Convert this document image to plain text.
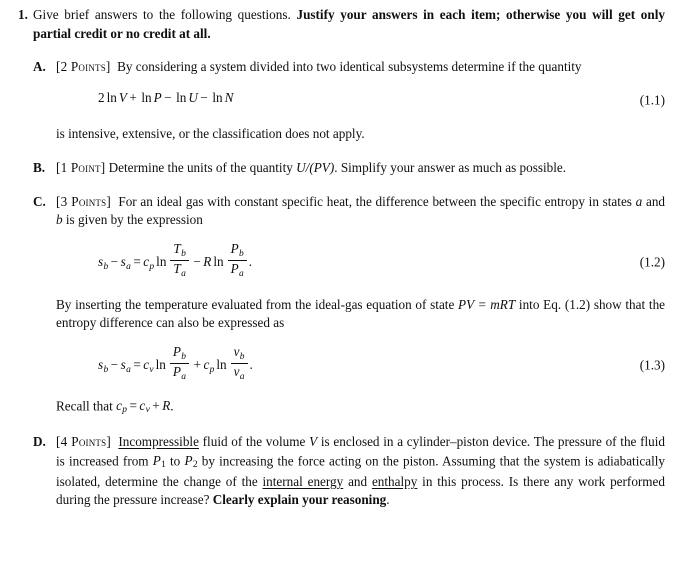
1. Give brief answers to the following questions. Justify your answers in each item; otherwise you will get only partial credit or no credit at all.
A. [2 Points] By considering a system divided into two identical subsystems determine if the quantity
2 ln V + ln P − ln U − ln N	(1.1)
is intensive, extensive, or the classification does not apply.
B. [1 Point] Determine the units of the quantity U/(PV). Simplify your answer as much as possible.
C. [3 Points] For an ideal gas with constant specific heat, the difference between the specific entropy in states a and b is given by the expression
$s_b - s_a = c_p$ $\ln \frac{T_b}{T_a} - R$ $\ln \frac{P_b}{P_a}$ .	(1.2)
By inserting the temperature evaluated from the ideal-gas equation of state PV = mRT into Eq. (1.2) show that the entropy difference can also be expressed as
$s_b - s_a = c_v$ $\ln \frac{P_b}{P_a} + c_p$ $\ln \frac{v_b}{v_a}$ .	(1.3)
Recall that $c_p = c_v + R$.
D. [4 Points] Incompressible fluid of the volume V is enclosed in a cylinder–piston device. The pressure of the fluid is increased from $P_1$ to $P_2$ by increasing the force acting on the piston. Assuming that the system is adiabatically isolated, determine the change of the internal energy and enthalpy in this process. Is there any work performed during the pressure increase? Clearly explain your reasoning.
